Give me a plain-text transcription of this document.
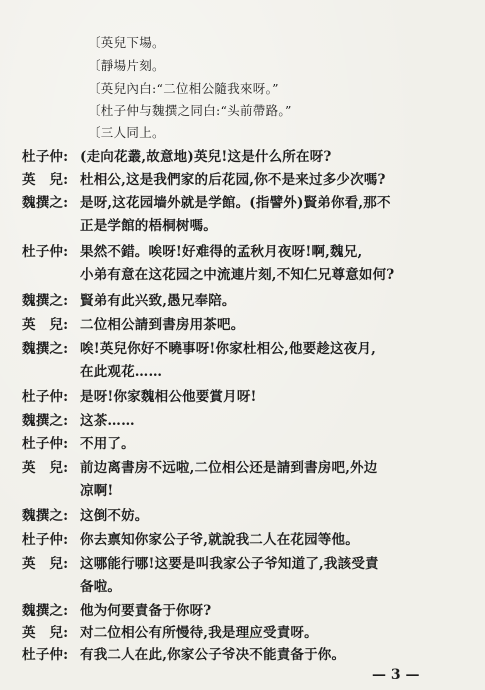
〔英兒下場。
〔靜場片刻。
〔英兒內白:“二位相公隨我來呀。”
〔杜子仲与魏撰之同白:“头前帶路。”
〔三人同上。
杜子仲: (走向花叢,故意地)英兒!这是什么所在呀?
英　兒: 杜相公,这是我們家的后花园,你不是来过多少次嗎?
魏撰之: 是呀,这花园墙外就是学館。(指譬外)賢弟你看,那不
正是学館的梧桐树嗎。
杜子仲: 果然不錯。唉呀!好难得的孟秋月夜呀!啊,魏兄,
小弟有意在这花园之中流連片刻,不知仁兄尊意如何?
魏撰之: 賢弟有此兴致,愚兄奉陪。
英　兒: 二位相公請到書房用茶吧。
魏撰之: 唉!英兒你好不曉事呀!你家杜相公,他要趁这夜月,
在此观花……
杜子仲: 是呀!你家魏相公他要賞月呀!
魏撰之: 这茶……
杜子仲: 不用了。
英　兒: 前边离書房不远啦,二位相公还是請到書房吧,外边
凉啊!
魏撰之: 这倒不妨。
杜子仲: 你去禀知你家公子爷,就說我二人在花园等他。
英　兒: 这哪能行哪!这要是叫我家公子爷知道了,我該受責
备啦。
魏撰之: 他为何要責备于你呀?
英　兒: 对二位相公有所慢待,我是理应受責呀。
杜子仲: 有我二人在此,你家公子爷决不能責备于你。
— 3 —
